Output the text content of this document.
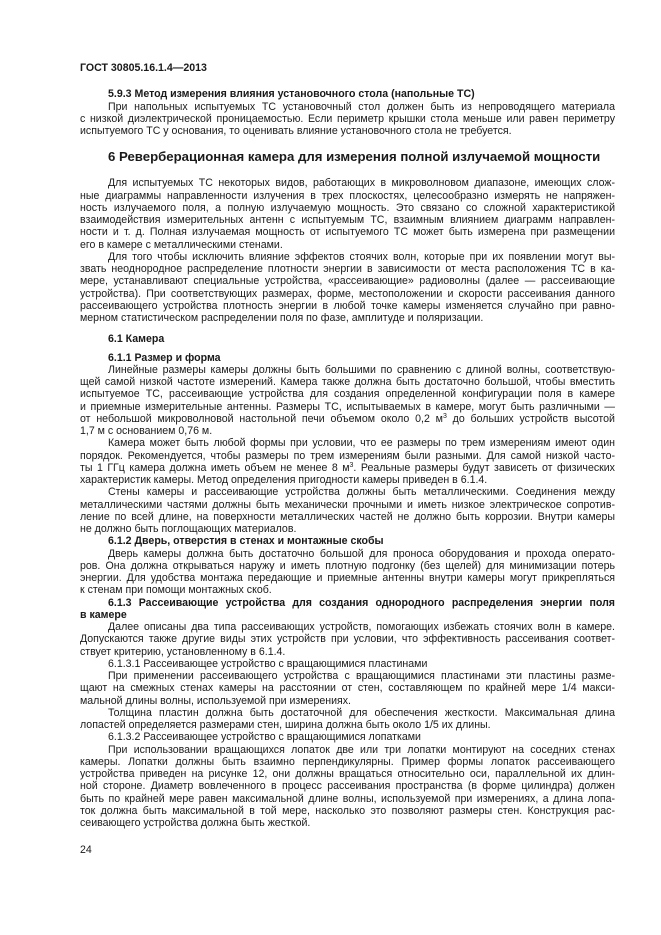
ГОСТ 30805.16.1.4—2013
5.9.3 Метод измерения влияния установочного стола (напольные ТС)
При напольных испытуемых ТС установочный стол должен быть из непроводящего материала
с низкой диэлектрической проницаемостью. Если периметр крышки стола меньше или равен периметру
испытуемого ТС у основания, то оценивать влияние установочного стола не требуется.
6 Реверберационная камера для измерения полной излучаемой мощности
Для испытуемых ТС некоторых видов, работающих в микроволновом диапазоне, имеющих слож-
ные диаграммы направленности излучения в трех плоскостях, целесообразно измерять не напряжен-
ность излучаемого поля, а полную излучаемую мощность. Это связано со сложной характеристикой
взаимодействия измерительных антенн с испытуемым ТС, взаимным влиянием диаграмм направлен-
ности и т. д. Полная излучаемая мощность от испытуемого ТС может быть измерена при размещении
его в камере с металлическими стенами.
Для того чтобы исключить влияние эффектов стоячих волн, которые при их появлении могут вы-
звать неоднородное распределение плотности энергии в зависимости от места расположения ТС в ка-
мере, устанавливают специальные устройства, «рассеивающие» радиоволны (далее — рассеивающие
устройства). При соответствующих размерах, форме, местоположении и скорости рассеивания данного
рассеивающего устройства плотность энергии в любой точке камеры изменяется случайно при равно-
мерном статистическом распределении поля по фазе, амплитуде и поляризации.
6.1 Камера
6.1.1 Размер и форма
Линейные размеры камеры должны быть большими по сравнению с длиной волны, соответствую-
щей самой низкой частоте измерений. Камера также должна быть достаточно большой, чтобы вместить
испытуемое ТС, рассеивающие устройства для создания определенной конфигурации поля в камере
и приемные измерительные антенны. Размеры ТС, испытываемых в камере, могут быть различными —
от небольшой микроволновой настольной печи объемом около 0,2 $м^3$ до больших устройств высотой
1,7 м с основанием 0,76 м.
Камера может быть любой формы при условии, что ее размеры по трем измерениям имеют один
порядок. Рекомендуется, чтобы размеры по трем измерениям были разными. Для самой низкой часто-
ты 1 ГГц камера должна иметь объем не менее 8 $м^3$. Реальные размеры будут зависеть от физических
характеристик камеры. Метод определения пригодности камеры приведен в 6.1.4.
Стены камеры и рассеивающие устройства должны быть металлическими. Соединения между
металлическими частями должны быть механически прочными и иметь низкое электрическое сопротив-
ление по всей длине, на поверхности металлических частей не должно быть коррозии. Внутри камеры
не должно быть поглощающих материалов.
6.1.2 Дверь, отверстия в стенах и монтажные скобы
Дверь камеры должна быть достаточно большой для проноса оборудования и прохода операто-
ров. Она должна открываться наружу и иметь плотную подгонку (без щелей) для минимизации потерь
энергии. Для удобства монтажа передающие и приемные антенны внутри камеры могут прикрепляться
к стенам при помощи монтажных скоб.
6.1.3 Рассеивающие устройства для создания однородного распределения энергии поля
в камере
Далее описаны два типа рассеивающих устройств, помогающих избежать стоячих волн в камере.
Допускаются также другие виды этих устройств при условии, что эффективность рассеивания соответ-
ствует критерию, установленному в 6.1.4.
6.1.3.1 Рассеивающее устройство с вращающимися пластинами
При применении рассеивающего устройства с вращающимися пластинами эти пластины разме-
щают на смежных стенах камеры на расстоянии от стен, составляющем по крайней мере 1/4 макси-
мальной длины волны, используемой при измерениях.
Толщина пластин должна быть достаточной для обеспечения жесткости. Максимальная длина
лопастей определяется размерами стен, ширина должна быть около 1/5 их длины.
6.1.3.2 Рассеивающее устройство с вращающимися лопатками
При использовании вращающихся лопаток две или три лопатки монтируют на соседних стенах
камеры. Лопатки должны быть взаимно перпендикулярны. Пример формы лопаток рассеивающего
устройства приведен на рисунке 12, они должны вращаться относительно оси, параллельной их длин-
ной стороне. Диаметр вовлеченного в процесс рассеивания пространства (в форме цилиндра) должен
быть по крайней мере равен максимальной длине волны, используемой при измерениях, а длина лопа-
ток должна быть максимальной в той мере, насколько это позволяют размеры стен. Конструкция рас-
сеивающего устройства должна быть жесткой.
24
